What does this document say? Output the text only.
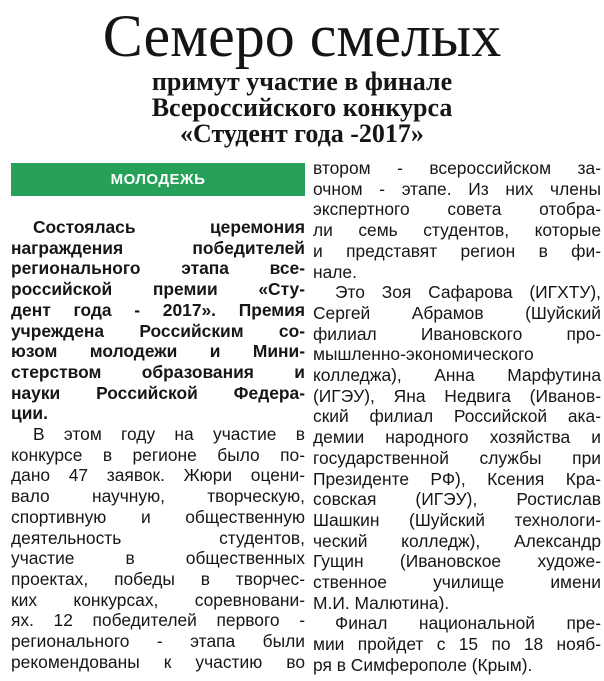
Семеро смелых
примут участие в финале
Всероссийского конкурса
«Студент года -2017»
МОЛОДЕЖЬ
Состоялась церемония
награждения победителей
регионального этапа все-
российской премии «Сту-
дент года - 2017». Премия
учреждена Российским со-
юзом молодежи и Мини-
стерством образования и
науки Российской Федера-
ции.
В этом году на участие в
конкурсе в регионе было по-
дано 47 заявок. Жюри оцени-
вало научную, творческую,
спортивную и общественную
деятельность студентов,
участие в общественных
проектах, победы в творчес-
ких конкурсах, соревновани-
ях. 12 победителей первого -
регионального - этапа были
рекомендованы к участию во
втором - всероссийском за-
очном - этапе. Из них члены
экспертного совета отобра-
ли семь студентов, которые
и представят регион в фи-
нале.
Это Зоя Сафарова (ИГХТУ),
Сергей Абрамов (Шуйский
филиал Ивановского про-
мышленно-экономического
колледжа), Анна Марфутина
(ИГЭУ), Яна Недвига (Иванов-
ский филиал Российской ака-
демии народного хозяйства и
государственной службы при
Президенте РФ), Ксения Кра-
совская (ИГЭУ), Ростислав
Шашкин (Шуйский технологи-
ческий колледж), Александр
Гущин (Ивановское художе-
ственное училище имени
М.И. Малютина).
Финал национальной пре-
мии пройдет с 15 по 18 нояб-
ря в Симферополе (Крым).
